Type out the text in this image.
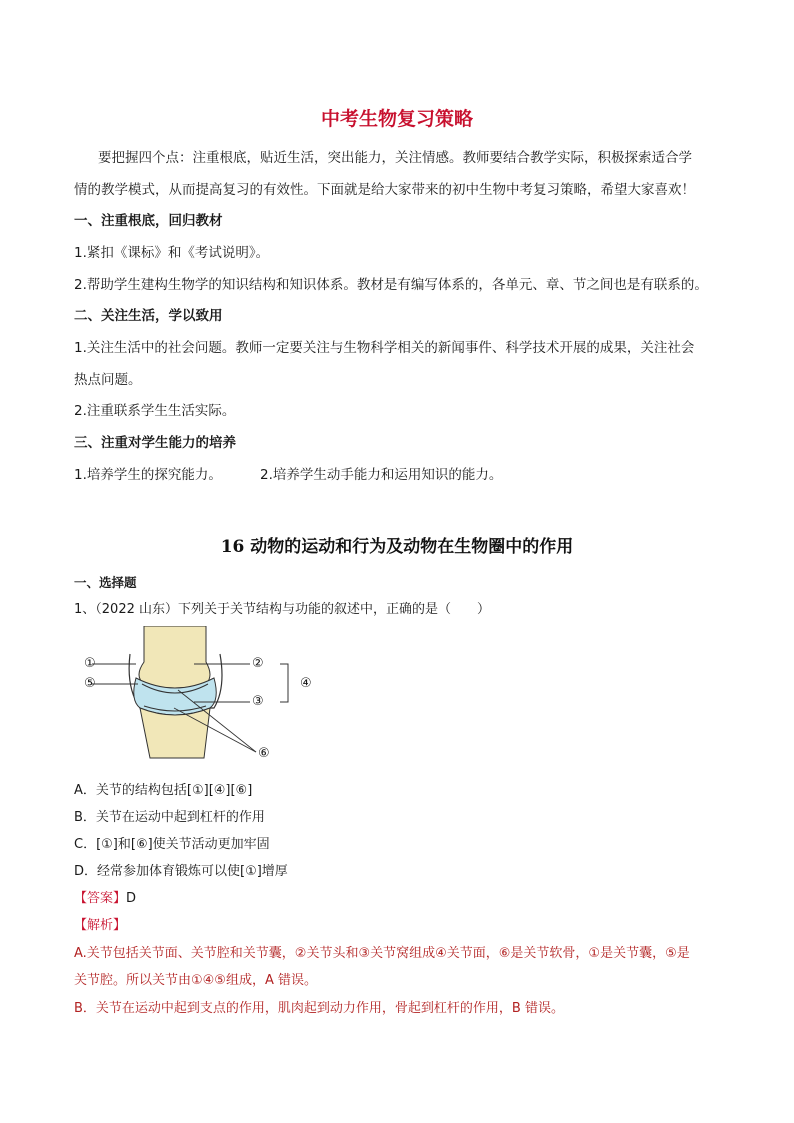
中考生物复习策略
要把握四个点：注重根底，贴近生活，突出能力，关注情感。教师要结合教学实际，积极探索适合学
情的教学模式，从而提高复习的有效性。下面就是给大家带来的初中生物中考复习策略，希望大家喜欢！
一、注重根底，回归教材
1.紧扣《课标》和《考试说明》。
2.帮助学生建构生物学的知识结构和知识体系。教材是有编写体系的，各单元、章、节之间也是有联系的。
二、关注生活，学以致用
1.关注生活中的社会问题。教师一定要关注与生物科学相关的新闻事件、科学技术开展的成果，关注社会
热点问题。
2.注重联系学生生活实际。
三、注重对学生能力的培养
1.培养学生的探究能力。	2.培养学生动手能力和运用知识的能力。
16 动物的运动和行为及动物在生物圈中的作用
一、选择题
1、（2022 山东）下列关于关节结构与功能的叙述中，正确的是（　　）
①	②
③
④
⑤
⑥
A．关节的结构包括[①][④][⑥]
B．关节在运动中起到杠杆的作用
C．[①]和[⑥]使关节活动更加牢固
D．经常参加体育锻炼可以使[①]增厚
【答案】D
【解析】
A.关节包括关节面、关节腔和关节囊，②关节头和③关节窝组成④关节面，⑥是关节软骨，①是关节囊，⑤是
关节腔。所以关节由①④⑤组成，A 错误。
B．关节在运动中起到支点的作用，肌肉起到动力作用，骨起到杠杆的作用，B 错误。
